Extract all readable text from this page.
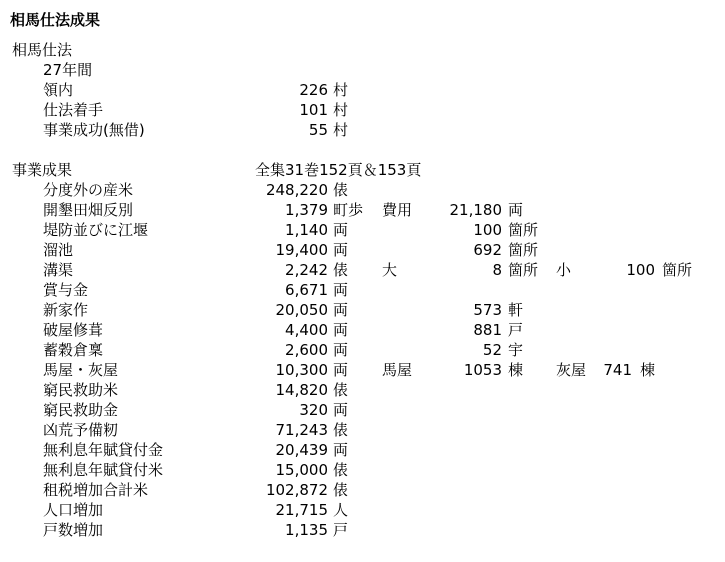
相馬仕法成果
相馬仕法
27年間
事業成果	全集31巻152頁＆153頁
領内	226 村
仕法着手	101 村
事業成功(無借)	55 村
分度外の産米	248,220 俵
開墾田畑反別	1,379 町歩 費用 21,180 両
堤防並びに江堰	1,140 両	100 箇所
溜池	19,400 両	692 箇所
溝渠	2,242 俵 大	8 箇所 小	100 箇所
賞与金	6,671 両
新家作	20,050 両	573 軒
破屋修葺	4,400 両	881 戸
蓄穀倉稟	2,600 両	52 宇
馬屋・灰屋	10,300 両 馬屋	1053 棟 灰屋 741 棟
窮民救助米	14,820 俵
窮民救助金	320 両
凶荒予備籾	71,243 俵
無利息年賦貸付金	20,439 両
無利息年賦貸付米	15,000 俵
租税増加合計米	102,872 俵
人口増加	21,715 人
戸数増加	1,135 戸
